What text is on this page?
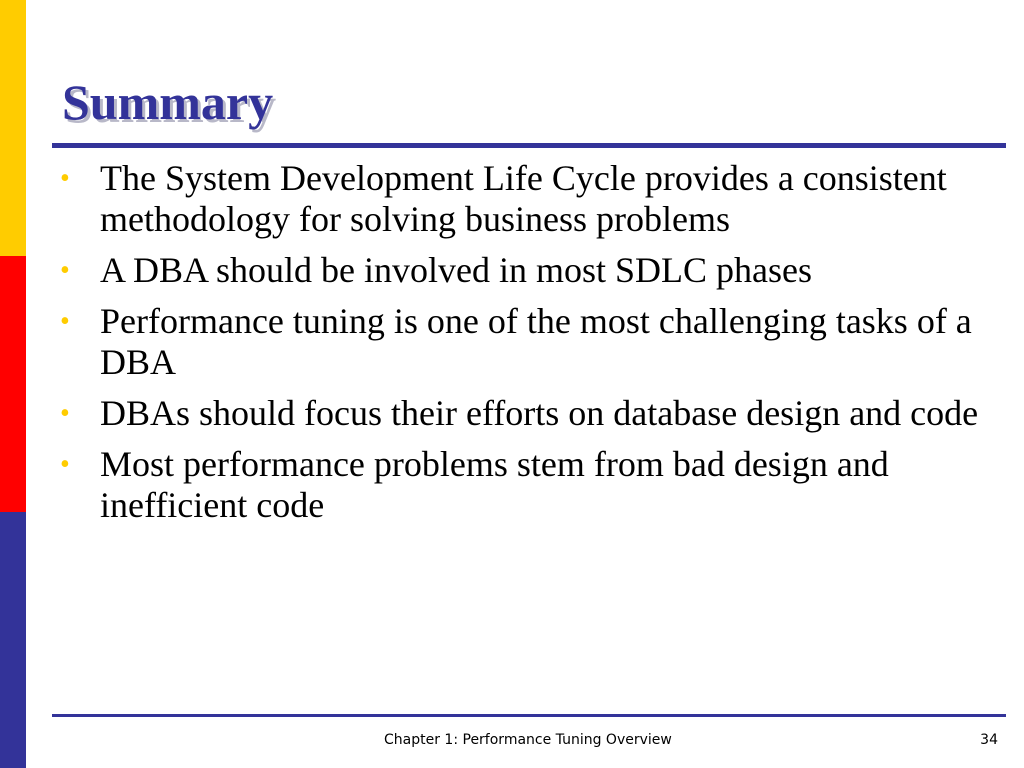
Summary
• The System Development Life Cycle provides a consistent methodology for solving business problems
• A DBA should be involved in most SDLC phases
• Performance tuning is one of the most challenging tasks of a DBA
• DBAs should focus their efforts on database design and code
• Most performance problems stem from bad design and inefficient code
Chapter 1: Performance Tuning Overview	34
